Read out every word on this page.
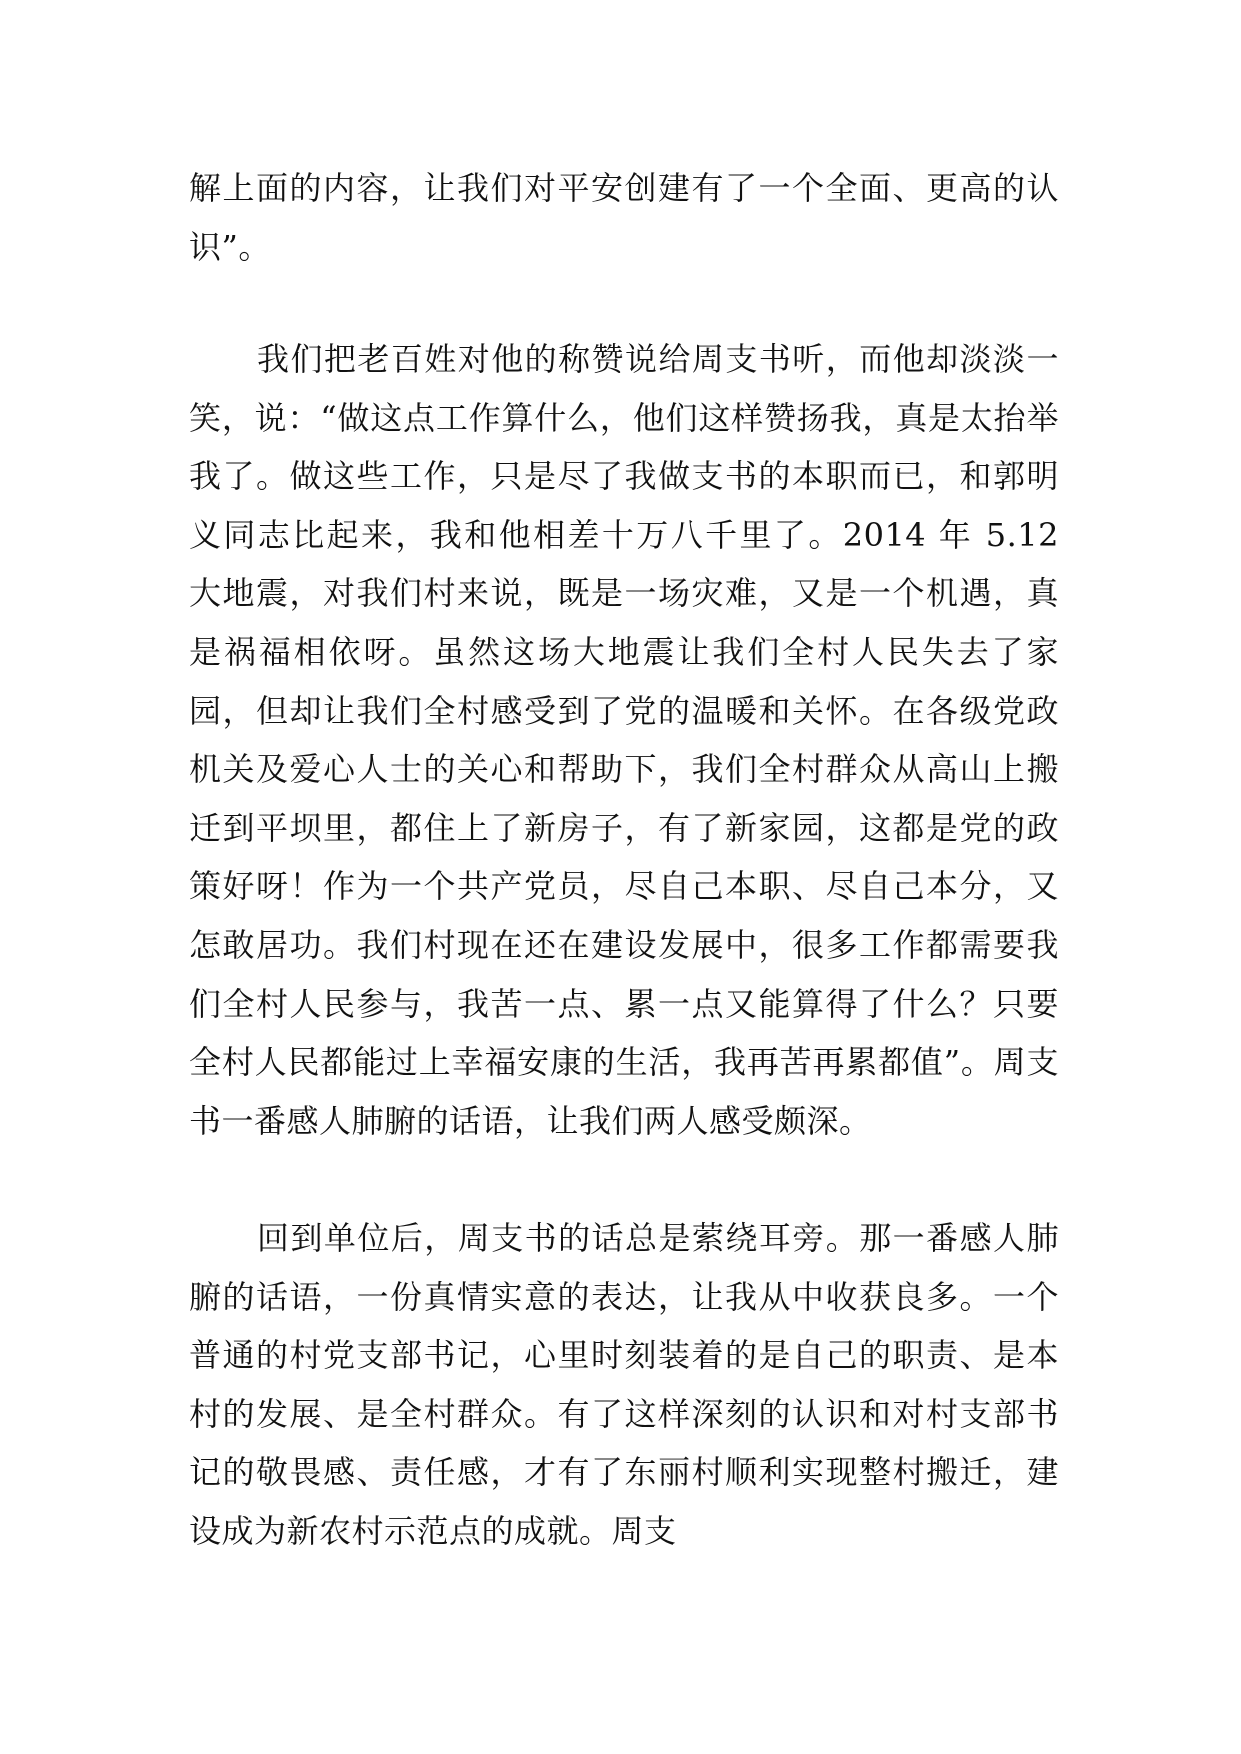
解上面的内容，让我们对平安创建有了一个全面、更高的认识”。

我们把老百姓对他的称赞说给周支书听，而他却淡淡一笑，说：“做这点工作算什么，他们这样赞扬我，真是太抬举我了。做这些工作，只是尽了我做支书的本职而已，和郭明义同志比起来，我和他相差十万八千里了。2014 年 5.12 大地震，对我们村来说，既是一场灾难，又是一个机遇，真是祸福相依呀。虽然这场大地震让我们全村人民失去了家园，但却让我们全村感受到了党的温暖和关怀。在各级党政机关及爱心人士的关心和帮助下，我们全村群众从高山上搬迁到平坝里，都住上了新房子，有了新家园，这都是党的政策好呀！作为一个共产党员，尽自己本职、尽自己本分，又怎敢居功。我们村现在还在建设发展中，很多工作都需要我们全村人民参与，我苦一点、累一点又能算得了什么？只要全村人民都能过上幸福安康的生活，我再苦再累都值”。周支书一番感人肺腑的话语，让我们两人感受颇深。

回到单位后，周支书的话总是萦绕耳旁。那一番感人肺腑的话语，一份真情实意的表达，让我从中收获良多。一个普通的村党支部书记，心里时刻装着的是自己的职责、是本村的发展、是全村群众。有了这样深刻的认识和对村支部书记的敬畏感、责任感，才有了东丽村顺利实现整村搬迁，建设成为新农村示范点的成就。周支
